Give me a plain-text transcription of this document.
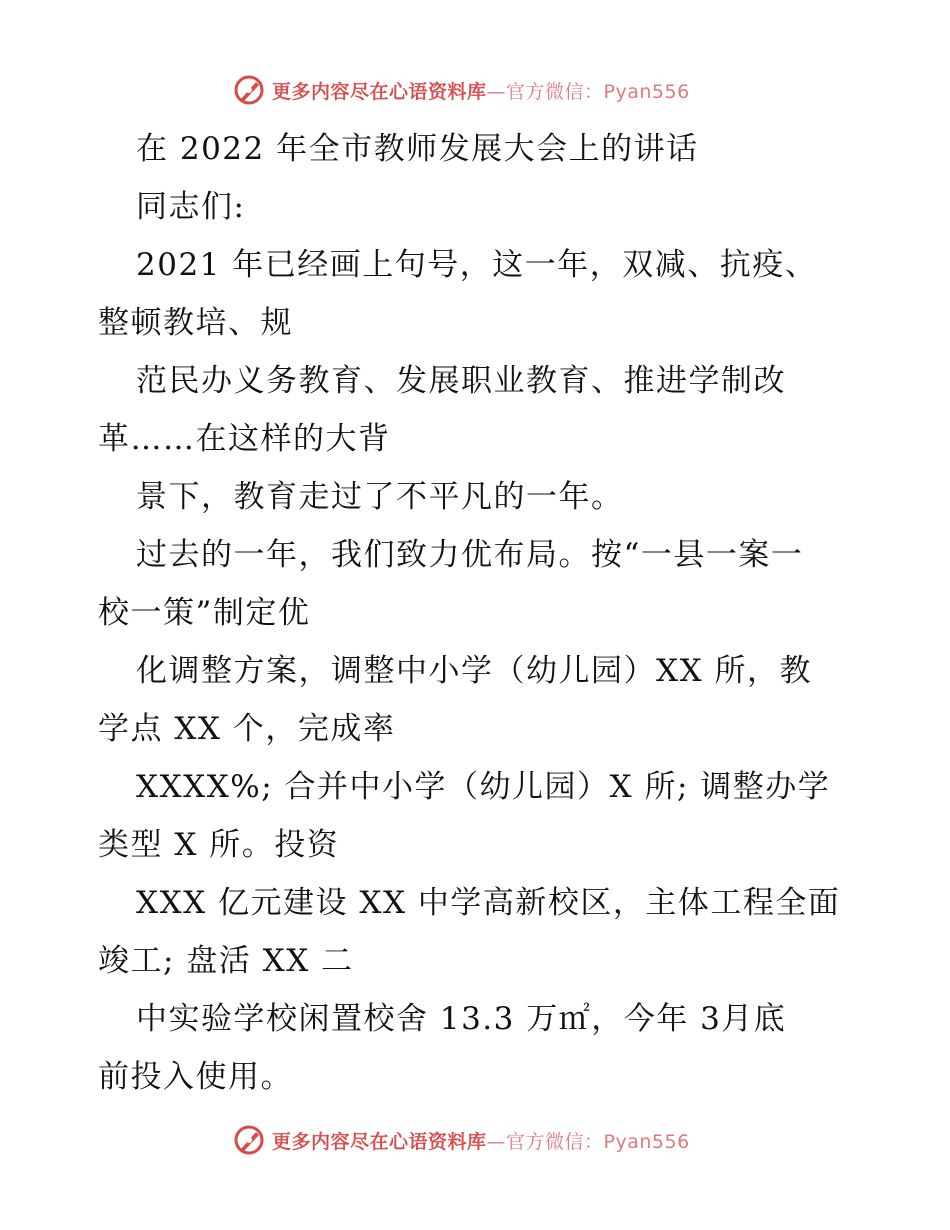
更多内容尽在心语资料库—官方微信：Pyan556
在 2022 年全市教师发展大会上的讲话
同志们:
2021 年已经画上句号，这一年，双减、抗疫、
整顿教培、规
范民办义务教育、发展职业教育、推进学制改
革……在这样的大背
景下，教育走过了不平凡的一年。
过去的一年，我们致力优布局。按“一县一案一
校一策”制定优
化调整方案，调整中小学（幼儿园）XX 所，教
学点 XX 个，完成率
XXXX%; 合并中小学（幼儿园）X 所; 调整办学
类型 X 所。投资
XXX 亿元建设 XX 中学高新校区，主体工程全面
竣工; 盘活 XX 二
中实验学校闲置校舍 13.3 万㎡，今年 3月底
前投入使用。
更多内容尽在心语资料库—官方微信：Pyan556
